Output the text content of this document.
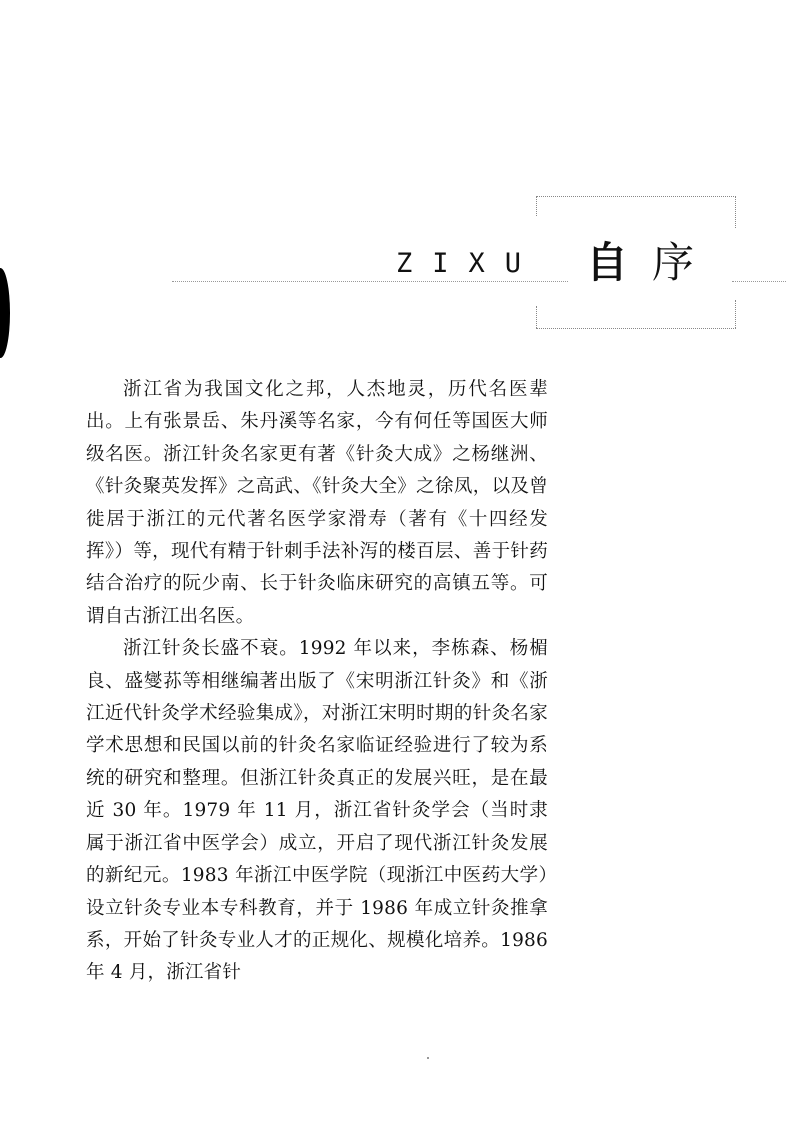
ZIXU	自 序

浙江省为我国文化之邦，人杰地灵，历代名医辈出。上有张景岳、朱丹溪等名家，今有何任等国医大师级名医。浙江针灸名家更有著《针灸大成》之杨继洲、《针灸聚英发挥》之高武、《针灸大全》之徐凤，以及曾徙居于浙江的元代著名医学家滑寿（著有《十四经发挥》）等，现代有精于针刺手法补泻的楼百层、善于针药结合治疗的阮少南、长于针灸临床研究的高镇五等。可谓自古浙江出名医。

浙江针灸长盛不衰。1992 年以来，李栋森、杨楣良、盛燮荪等相继编著出版了《宋明浙江针灸》和《浙江近代针灸学术经验集成》，对浙江宋明时期的针灸名家学术思想和民国以前的针灸名家临证经验进行了较为系统的研究和整理。但浙江针灸真正的发展兴旺，是在最近 30 年。1979 年 11 月，浙江省针灸学会（当时隶属于浙江省中医学会）成立，开启了现代浙江针灸发展的新纪元。1983 年浙江中医学院（现浙江中医药大学）设立针灸专业本专科教育，并于 1986 年成立针灸推拿系，开始了针灸专业人才的正规化、规模化培养。1986 年 4 月，浙江省针
